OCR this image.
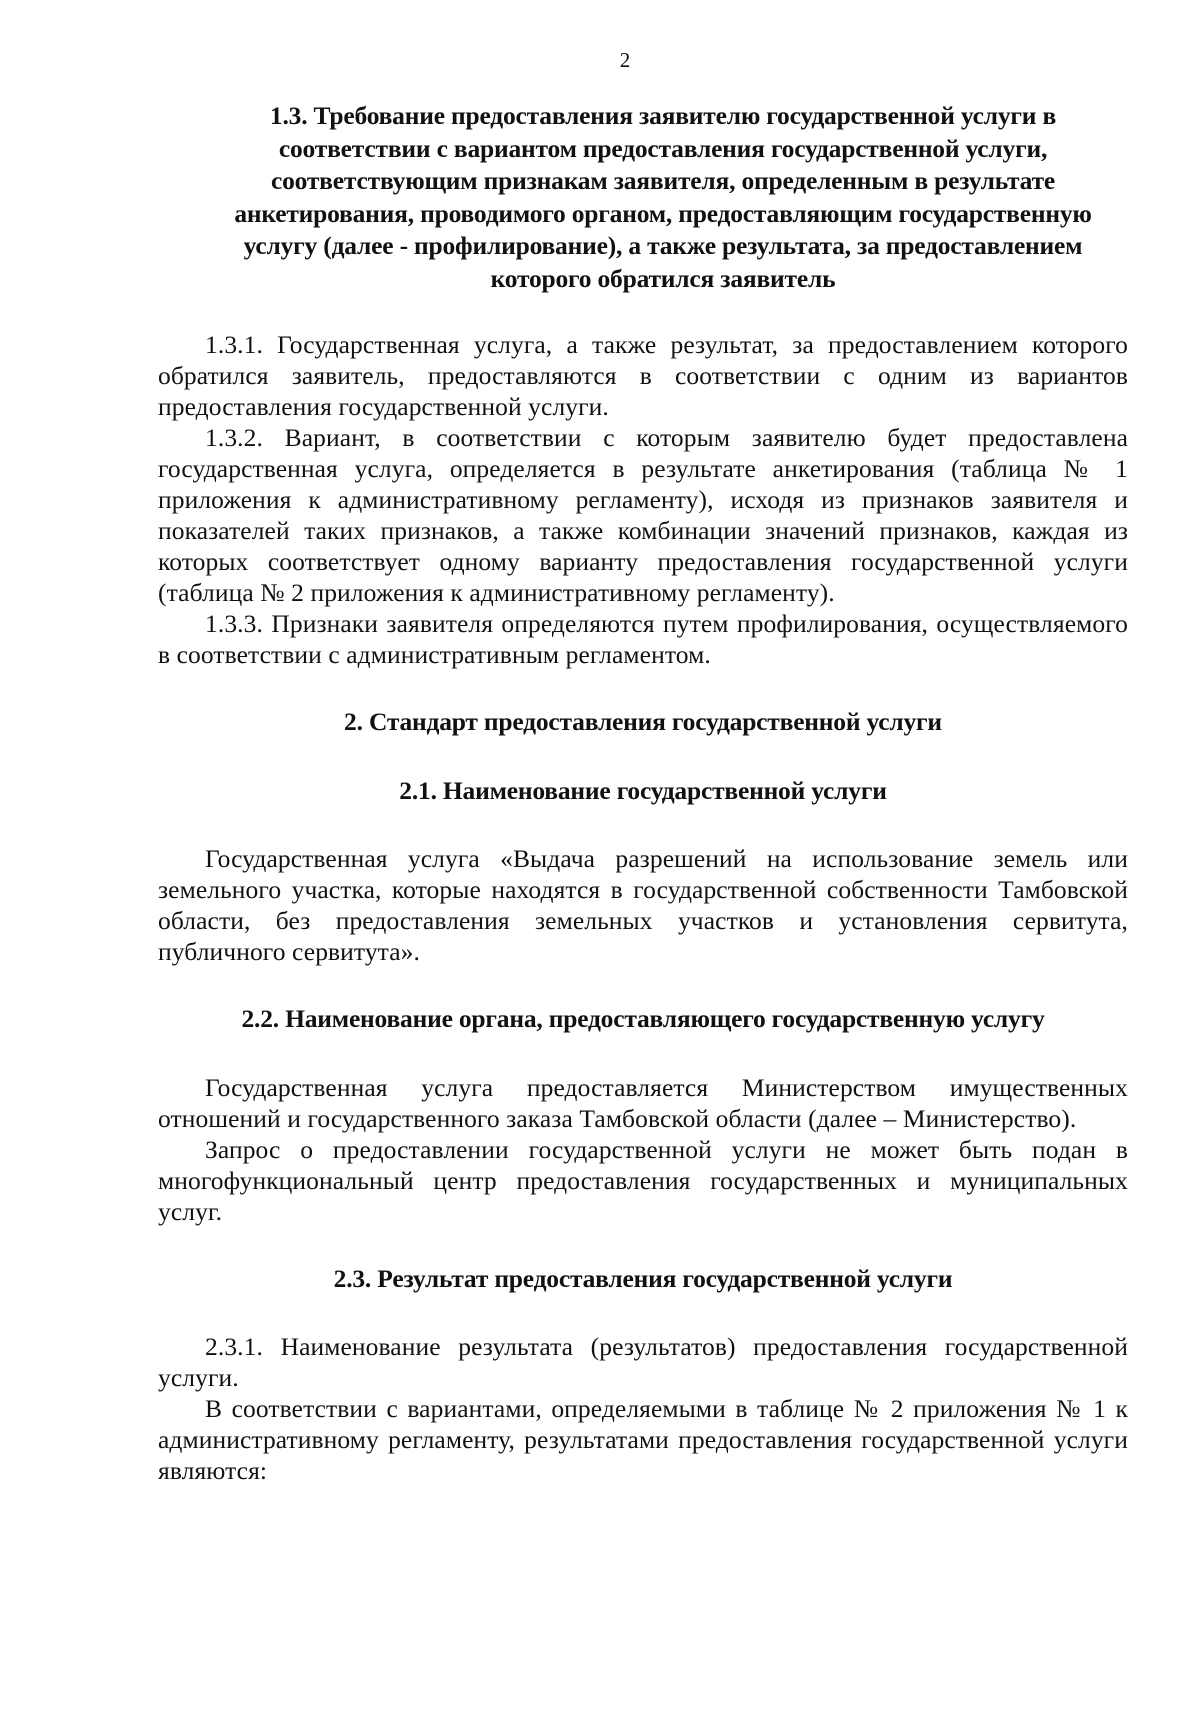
2

1.3. Требование предоставления заявителю государственной услуги в соответствии с вариантом предоставления государственной услуги, соответствующим признакам заявителя, определенным в результате анкетирования, проводимого органом, предоставляющим государственную услугу (далее - профилирование), а также результата, за предоставлением которого обратился заявитель

1.3.1. Государственная услуга, а также результат, за предоставлением которого обратился заявитель, предоставляются в соответствии с одним из вариантов предоставления государственной услуги.

1.3.2. Вариант, в соответствии с которым заявителю будет предоставлена государственная услуга, определяется в результате анкетирования (таблица № 1 приложения к административному регламенту), исходя из признаков заявителя и показателей таких признаков, а также комбинации значений признаков, каждая из которых соответствует одному варианту предоставления государственной услуги (таблица № 2 приложения к административному регламенту).

1.3.3. Признаки заявителя определяются путем профилирования, осуществляемого в соответствии с административным регламентом.

2. Стандарт предоставления государственной услуги

2.1. Наименование государственной услуги

Государственная услуга «Выдача разрешений на использование земель или земельного участка, которые находятся в государственной собственности Тамбовской области, без предоставления земельных участков и установления сервитута, публичного сервитута».

2.2. Наименование органа, предоставляющего государственную услугу

Государственная услуга предоставляется Министерством имущественных отношений и государственного заказа Тамбовской области (далее – Министерство).

Запрос о предоставлении государственной услуги не может быть подан в многофункциональный центр предоставления государственных и муниципальных услуг.

2.3. Результат предоставления государственной услуги

2.3.1. Наименование результата (результатов) предоставления государственной услуги.

В соответствии с вариантами, определяемыми в таблице № 2 приложения № 1 к административному регламенту, результатами предоставления государственной услуги являются:
